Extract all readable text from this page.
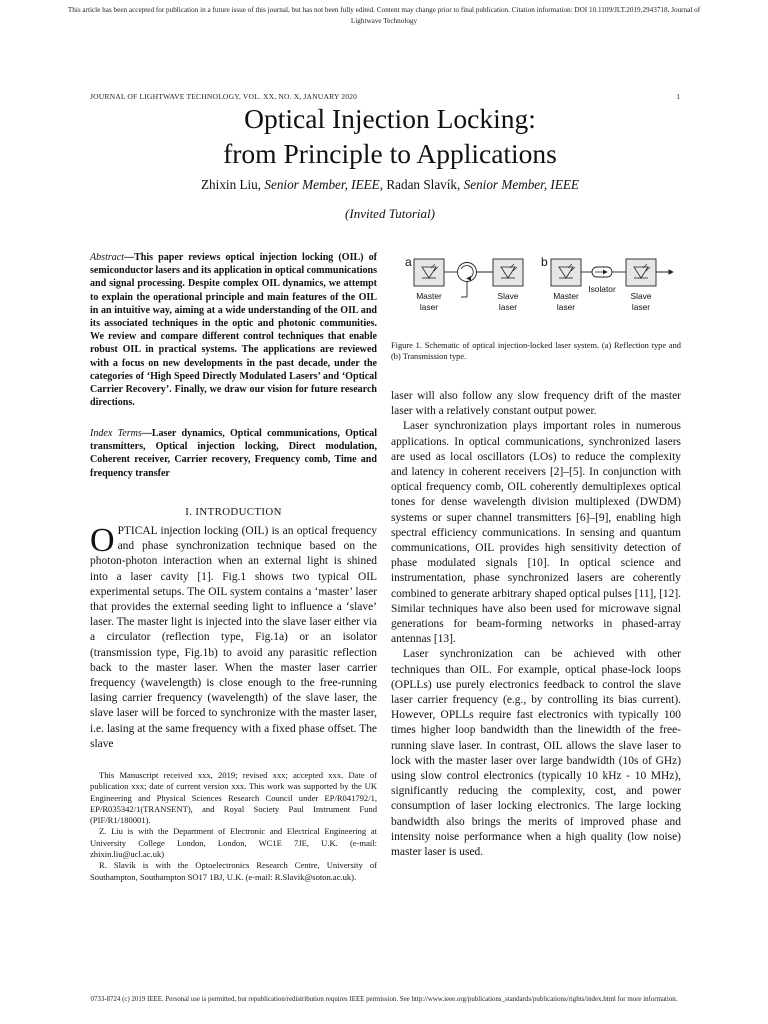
This article has been accepted for publication in a future issue of this journal, but has not been fully edited. Content may change prior to final publication. Citation information: DOI 10.1109/JLT.2019.2943718, Journal of
Lightwave Technology
JOURNAL OF LIGHTWAVE TECHNOLOGY, VOL. XX, NO. X, JANUARY 2020	1
Optical Injection Locking:
from Principle to Applications
Zhixin Liu, Senior Member, IEEE, Radan Slavík, Senior Member, IEEE
(Invited Tutorial)
Abstract—This paper reviews optical injection locking (OIL) of semiconductor lasers and its application in optical communications and signal processing. Despite complex OIL dynamics, we attempt to explain the operational principle and main features of the OIL in an intuitive way, aiming at a wide understanding of the OIL and its associated techniques in the optic and photonic communities. We review and compare different control techniques that enable robust OIL in practical systems. The applications are reviewed with a focus on new developments in the past decade, under the categories of ‘High Speed Directly Modulated Lasers’ and ‘Optical Carrier Recovery’. Finally, we draw our vision for future research directions.
Index Terms—Laser dynamics, Optical communications, Optical transmitters, Optical injection locking, Direct modulation, Coherent receiver, Carrier recovery, Frequency comb, Time and frequency transfer
I. INTRODUCTION
OPTICAL injection locking (OIL) is an optical frequency and phase synchronization technique based on the photon-photon interaction when an external light is shined into a laser cavity [1]. Fig.1 shows two typical OIL experimental setups. The OIL system contains a ‘master’ laser that provides the external seeding light to influence a ‘slave’ laser. The master light is injected into the slave laser either via a circulator (reflection type, Fig.1a) or an isolator (transmission type, Fig.1b) to avoid any parasitic reflection back to the master laser. When the master laser carrier frequency (wavelength) is close enough to the free-running lasing carrier frequency (wavelength) of the slave laser, the slave laser will be forced to synchronize with the master laser, i.e. lasing at the same frequency with a fixed phase offset. The slave

This Manuscript received xxx, 2019; revised xxx; accepted xxx. Date of publication xxx; date of current version xxx. This work was supported by the UK Engineering and Physical Sciences Research Council under EP/R041792/1, EP/R035342/1(TRANSENT), and Royal Society Paul Instrument Fund (PIF/R1/180001).

Z. Liu is with the Department of Electronic and Electrical Engineering at University College London, London, WC1E 7JE, U.K. (e-mail: zhixin.liu@ucl.ac.uk)

R. Slavík is with the Optoelectronics Research Centre, University of Southampton, Southampton SO17 1BJ, U.K. (e-mail: R.Slavik@soton.ac.uk).

a
Master
laser
Slave
laser
b
Isolator
Master
laser
Slave
laser
Figure 1. Schematic of optical injection-locked laser system. (a) Reflection type and (b) Transmission type.

laser will also follow any slow frequency drift of the master laser with a relatively constant output power.

Laser synchronization plays important roles in numerous applications. In optical communications, synchronized lasers are used as local oscillators (LOs) to reduce the complexity and latency in coherent receivers [2]–[5]. In conjunction with optical frequency comb, OIL coherently demultiplexes optical tones for dense wavelength division multiplexed (DWDM) systems or super channel transmitters [6]–[9], enabling high spectral efficiency communications. In sensing and quantum communications, OIL provides high sensitivity detection of phase modulated signals [10]. In optical science and instrumentation, phase synchronized lasers are coherently combined to generate arbitrary shaped optical pulses [11], [12]. Similar techniques have also been used for microwave signal generations for beam-forming networks in phased-array antennas [13].

Laser synchronization can be achieved with other techniques than OIL. For example, optical phase-lock loops (OPLLs) use purely electronics feedback to control the slave laser carrier frequency (e.g., by controlling its bias current). However, OPLLs require fast electronics with typically 100 times higher loop bandwidth than the linewidth of the free-running slave laser. In contrast, OIL allows the slave laser to lock with the master laser over large bandwidth (10s of GHz) using slow control electronics (typically 10 kHz - 10 MHz), significantly reducing the complexity, cost, and power consumption of laser locking electronics. The large locking bandwidth also brings the merits of improved phase and intensity noise performance when a high quality (low noise) master laser is used.

0733-8724 (c) 2019 IEEE. Personal use is permitted, but republication/redistribution requires IEEE permission. See http://www.ieee.org/publications_standards/publications/rights/index.html for more information.
